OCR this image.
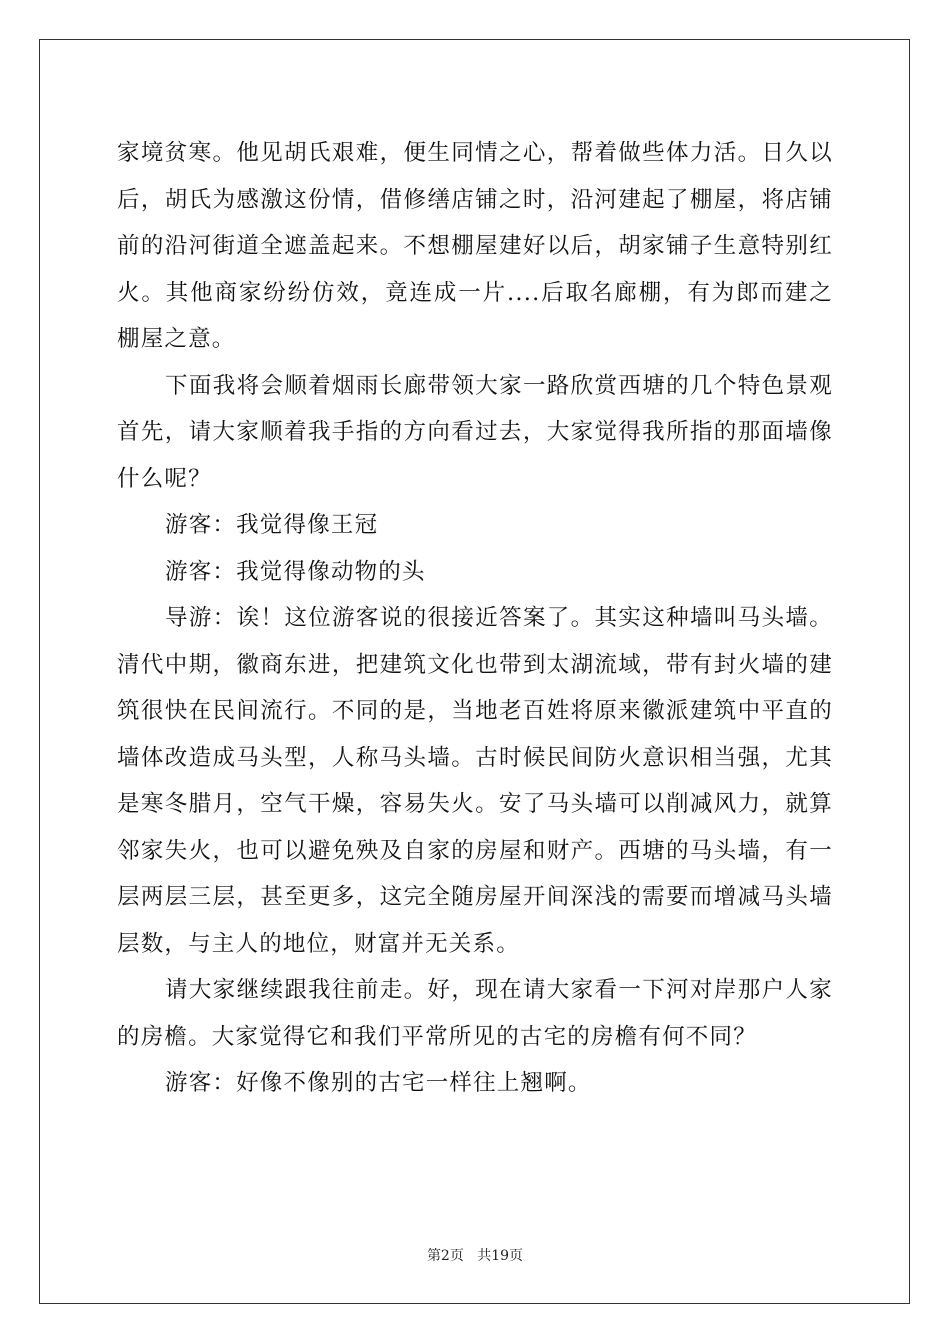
家境贫寒。他见胡氏艰难，便生同情之心，帮着做些体力活。日久以后，胡氏为感激这份情，借修缮店铺之时，沿河建起了棚屋，将店铺前的沿河街道全遮盖起来。不想棚屋建好以后，胡家铺子生意特别红火。其他商家纷纷仿效，竟连成一片....后取名廊棚，有为郎而建之棚屋之意。

下面我将会顺着烟雨长廊带领大家一路欣赏西塘的几个特色景观首先，请大家顺着我手指的方向看过去，大家觉得我所指的那面墙像什么呢？

游客：我觉得像王冠

游客：我觉得像动物的头

导游：诶！这位游客说的很接近答案了。其实这种墙叫马头墙。清代中期，徽商东进，把建筑文化也带到太湖流域，带有封火墙的建筑很快在民间流行。不同的是，当地老百姓将原来徽派建筑中平直的墙体改造成马头型，人称马头墙。古时候民间防火意识相当强，尤其是寒冬腊月，空气干燥，容易失火。安了马头墙可以削减风力，就算邻家失火，也可以避免殃及自家的房屋和财产。西塘的马头墙，有一层两层三层，甚至更多，这完全随房屋开间深浅的需要而增减马头墙层数，与主人的地位，财富并无关系。

请大家继续跟我往前走。好，现在请大家看一下河对岸那户人家的房檐。大家觉得它和我们平常所见的古宅的房檐有何不同？

游客：好像不像别的古宅一样往上翘啊。

第2页 共19页
